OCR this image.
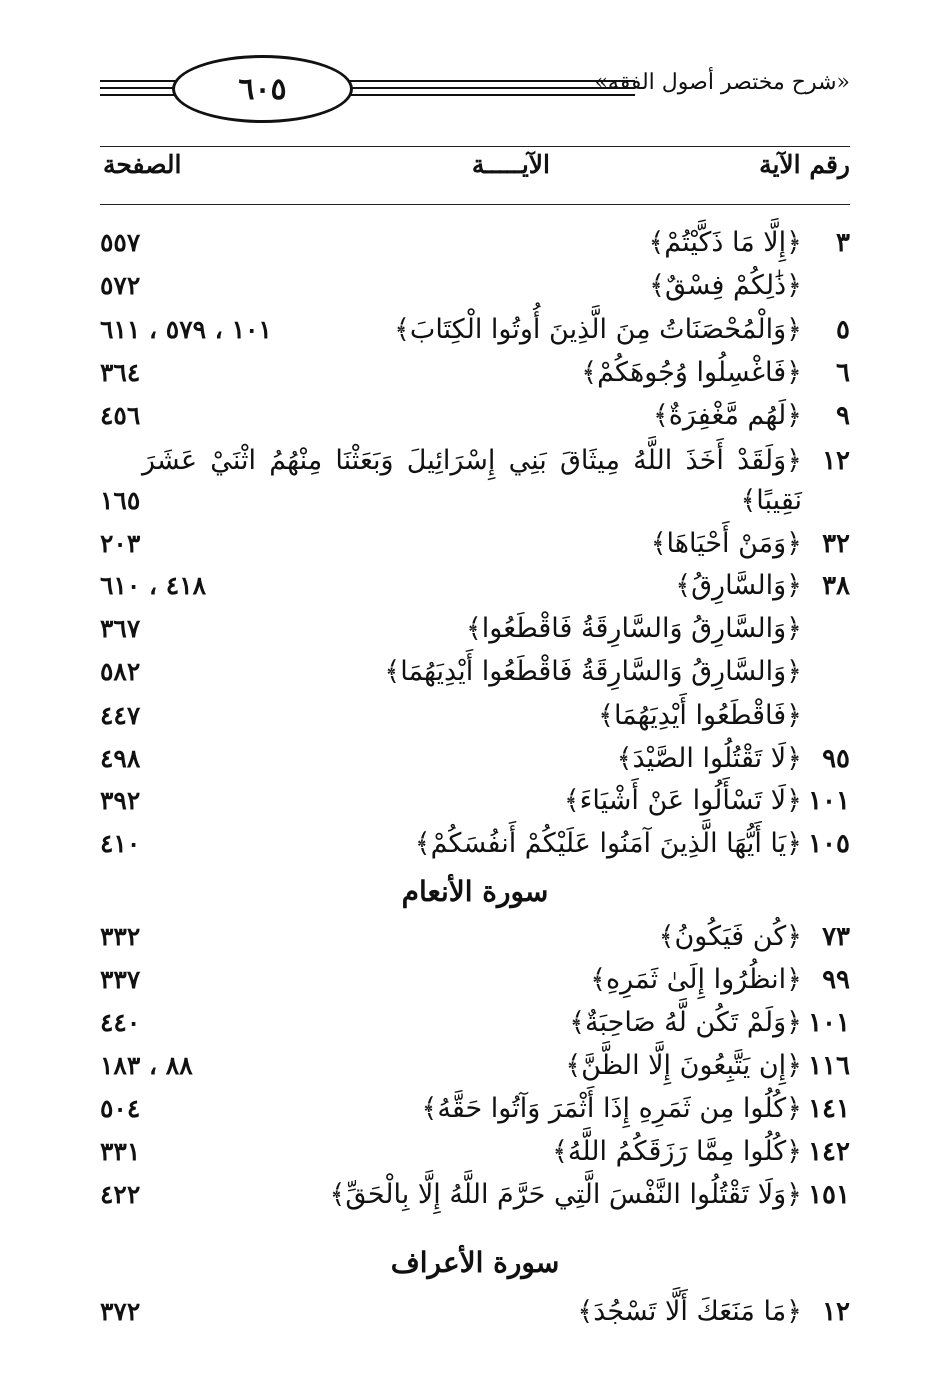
٦٠٥	«شرح مختصر أصول الفقه»
رقم الآية
الآيـــــة
الصفحة
٣
﴿إِلَّا مَا ذَكَّيْتُمْ﴾
٥٥٧
﴿ذَٰلِكُمْ فِسْقٌ﴾
٥٧٢
٥
﴿وَالْمُحْصَنَاتُ مِنَ الَّذِينَ أُوتُوا الْكِتَابَ﴾
١٠١ ، ٥٧٩ ، ٦١١
٦
﴿فَاغْسِلُوا وُجُوهَكُمْ﴾
٣٦٤
٩
﴿لَهُم مَّغْفِرَةٌ﴾
٤٥٦
١٢
﴿وَلَقَدْ أَخَذَ اللَّهُ مِيثَاقَ بَنِي إِسْرَائِيلَ وَبَعَثْنَا مِنْهُمُ اثْنَيْ عَشَرَ
نَقِيبًا﴾
١٦٥
٣٢
﴿وَمَنْ أَحْيَاهَا﴾
٢٠٣
٣٨
﴿وَالسَّارِقُ﴾
٤١٨ ، ٦١٠
﴿وَالسَّارِقُ وَالسَّارِقَةُ فَاقْطَعُوا﴾
٣٦٧
﴿وَالسَّارِقُ وَالسَّارِقَةُ فَاقْطَعُوا أَيْدِيَهُمَا﴾
٥٨٢
﴿فَاقْطَعُوا أَيْدِيَهُمَا﴾
٤٤٧
٩٥
﴿لَا تَقْتُلُوا الصَّيْدَ﴾
٤٩٨
١٠١
﴿لَا تَسْأَلُوا عَنْ أَشْيَاءَ﴾
٣٩٢
١٠٥
﴿يَا أَيُّهَا الَّذِينَ آمَنُوا عَلَيْكُمْ أَنفُسَكُمْ﴾
٤١٠
سورة الأنعام
٧٣
﴿كُن فَيَكُونُ﴾
٣٣٢
٩٩
﴿انظُرُوا إِلَىٰ ثَمَرِهِ﴾
٣٣٧
١٠١
﴿وَلَمْ تَكُن لَّهُ صَاحِبَةٌ﴾
٤٤٠
١١٦
﴿إِن يَتَّبِعُونَ إِلَّا الظَّنَّ﴾
٨٨ ، ١٨٣
١٤١
﴿كُلُوا مِن ثَمَرِهِ إِذَا أَثْمَرَ وَآتُوا حَقَّهُ﴾
٥٠٤
١٤٢
﴿كُلُوا مِمَّا رَزَقَكُمُ اللَّهُ﴾
٣٣١
١٥١
﴿وَلَا تَقْتُلُوا النَّفْسَ الَّتِي حَرَّمَ اللَّهُ إِلَّا بِالْحَقِّ﴾
٤٢٢
سورة الأعراف
١٢
﴿مَا مَنَعَكَ أَلَّا تَسْجُدَ﴾
٣٧٢
